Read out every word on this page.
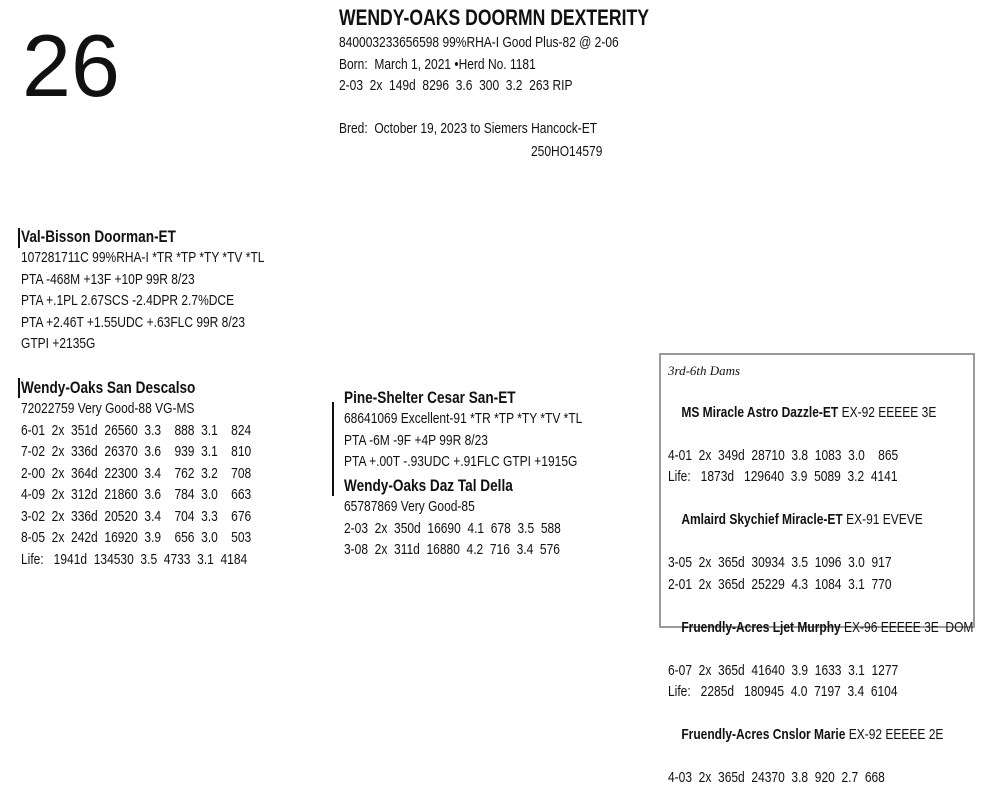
26	WENDY-OAKS DOORMN DEXTERITY
840003233656598 99%RHA-I Good Plus-82 @ 2-06
Born:  March 1, 2021 •Herd No. 1181
2-03  2x  149d  8296  3.6  300  3.2  263 RIP
Bred:  October 19, 2023 to Siemers Hancock-ET
250HO14579
Val-Bisson Doorman-ET
107281711C 99%RHA-I *TR *TP *TY *TV *TL
PTA -468M +13F +10P 99R 8/23
PTA +.1PL 2.67SCS -2.4DPR 2.7%DCE
PTA +2.46T +1.55UDC +.63FLC 99R 8/23
GTPI +2135G
Wendy-Oaks San Descalso
72022759 Very Good-88 VG-MS
6-01  2x  351d  26560  3.3    888  3.1    824
7-02  2x  336d  26370  3.6    939  3.1    810
2-00  2x  364d  22300  3.4    762  3.2    708
4-09  2x  312d  21860  3.6    784  3.0    663
3-02  2x  336d  20520  3.4    704  3.3    676
8-05  2x  242d  16920  3.9    656  3.0    503
Life:   1941d  134530  3.5  4733  3.1  4184
Pine-Shelter Cesar San-ET
68641069 Excellent-91 *TR *TP *TY *TV *TL
PTA -6M -9F +4P 99R 8/23
PTA +.00T -.93UDC +.91FLC GTPI +1915G
Wendy-Oaks Daz Tal Della
65787869 Very Good-85
2-03  2x  350d  16690  4.1  678  3.5  588
3-08  2x  311d  16880  4.2  716  3.4  576
3rd-6th Dams

MS Miracle Astro Dazzle-ET EX-92 EEEEE 3E

4-01  2x  349d  28710  3.8  1083  3.0    865
Life:   1873d   129640  3.9  5089  3.2  4141

Amlaird Skychief Miracle-ET EX-91 EVEVE

3-05  2x  365d  30934  3.5  1096  3.0  917
2-01  2x  365d  25229  4.3  1084  3.1  770

Fruendly-Acres Ljet Murphy EX-96 EEEEE 3E  DOM

6-07  2x  365d  41640  3.9  1633  3.1  1277
Life:   2285d   180945  4.0  7197  3.4  6104

Fruendly-Acres Cnslor Marie EX-92 EEEEE 2E

4-03  2x  365d  24370  3.8  920  2.7  668
